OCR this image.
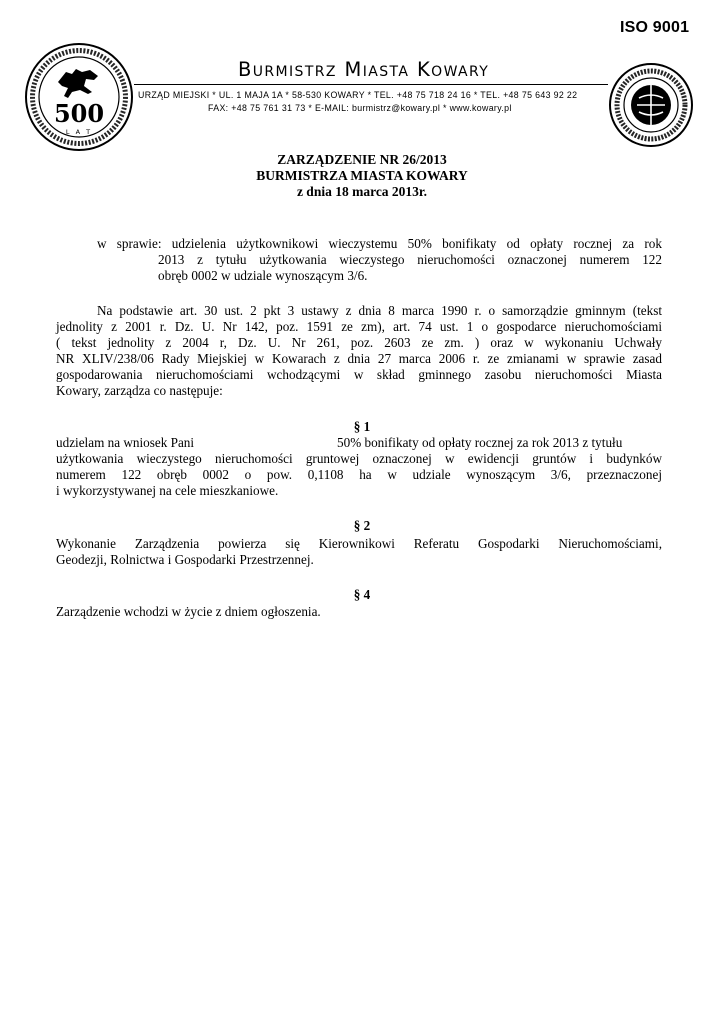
500
L A T
ISO 9001
Burmistrz Miasta Kowary
URZĄD MIEJSKI * UL. 1 MAJA 1A * 58-530 KOWARY * TEL. +48 75 718 24 16 * TEL. +48 75 643 92 22
FAX: +48 75 761 31 73 * E-MAIL: burmistrz@kowary.pl * www.kowary.pl
ZARZĄDZENIE NR 26/2013
BURMISTRZA MIASTA KOWARY
z dnia 18 marca 2013r.
w sprawie: udzielenia użytkownikowi wieczystemu 50% bonifikaty od opłaty rocznej za rok
2013 z tytułu użytkowania wieczystego nieruchomości oznaczonej numerem 122
obręb 0002 w udziale wynoszącym 3/6.
Na podstawie art. 30 ust. 2 pkt 3 ustawy z dnia 8 marca 1990 r. o samorządzie gminnym (tekst
jednolity z 2001 r. Dz. U. Nr 142, poz. 1591 ze zm), art. 74 ust. 1 o gospodarce nieruchomościami
( tekst jednolity z 2004 r, Dz. U. Nr 261, poz. 2603 ze zm. ) oraz w wykonaniu Uchwały
NR XLIV/238/06 Rady Miejskiej w Kowarach z dnia 27 marca 2006 r. ze zmianami w sprawie zasad
gospodarowania nieruchomościami wchodzącymi w skład gminnego zasobu nieruchomości Miasta
Kowary, zarządza co następuje:
§ 1
udzielam na wniosek Pani	50% bonifikaty od opłaty rocznej za rok 2013 z tytułu
użytkowania wieczystego nieruchomości gruntowej oznaczonej w ewidencji gruntów i budynków
numerem 122 obręb 0002 o pow. 0,1108 ha w udziale wynoszącym 3/6, przeznaczonej
i wykorzystywanej na cele mieszkaniowe.
§ 2
Wykonanie Zarządzenia powierza się Kierownikowi Referatu Gospodarki Nieruchomościami,
Geodezji, Rolnictwa i Gospodarki Przestrzennej.
§ 4
Zarządzenie wchodzi w życie z dniem ogłoszenia.
